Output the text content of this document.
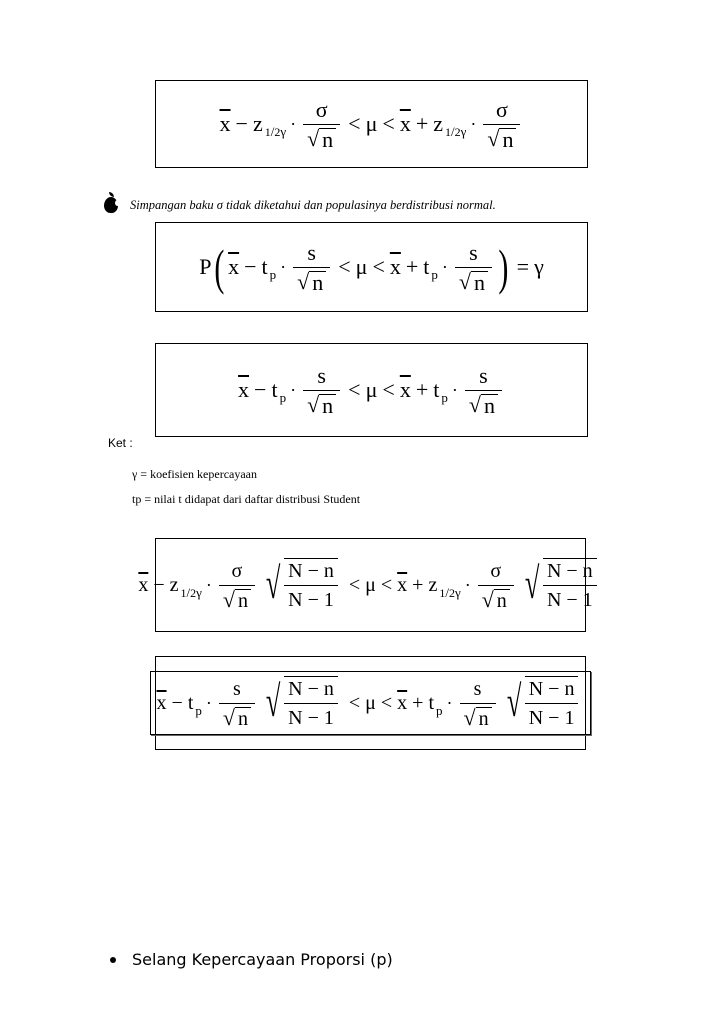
$\overline{x} - z$ $1/2\gamma \cdot \frac{\sigma}{√ n} < \mu < \overline{x} + z$ $1/2\gamma \cdot \frac{\sigma}{√ n}$
Simpangan baku σ tidak diketahui dan populasinya berdistribusi normal.
P ( $\overline{x} - t$ $p \cdot \frac{s}{√ n} < \mu < \overline{x} + t$ $p \cdot \frac{s}{√ n}$ ) = γ
$\overline{x} - t$ $p \cdot \frac{s}{√ n} < \mu < \overline{x} + t$ $p \cdot \frac{s}{√ n}$
Ket :
γ = koefisien kepercayaan
tp = nilai t didapat dari daftar distribusi Student
$\overline{x} - z$ $1/2\gamma \cdot \frac{\sigma}{√ n}$ √ $\frac{N - n}{N - 1} < \mu < \overline{x} + z$ $1/2\gamma \cdot \frac{\sigma}{√ n}$ √ $\frac{N - n}{N - 1}$
$\overline{x} - t$ $p \cdot \frac{s}{√ n}$ √ $\frac{N - n}{N - 1} < \mu < \overline{x} + t$ $p \cdot \frac{s}{√ n}$ √ $\frac{N - n}{N - 1}$
Selang Kepercayaan Proporsi (p)
